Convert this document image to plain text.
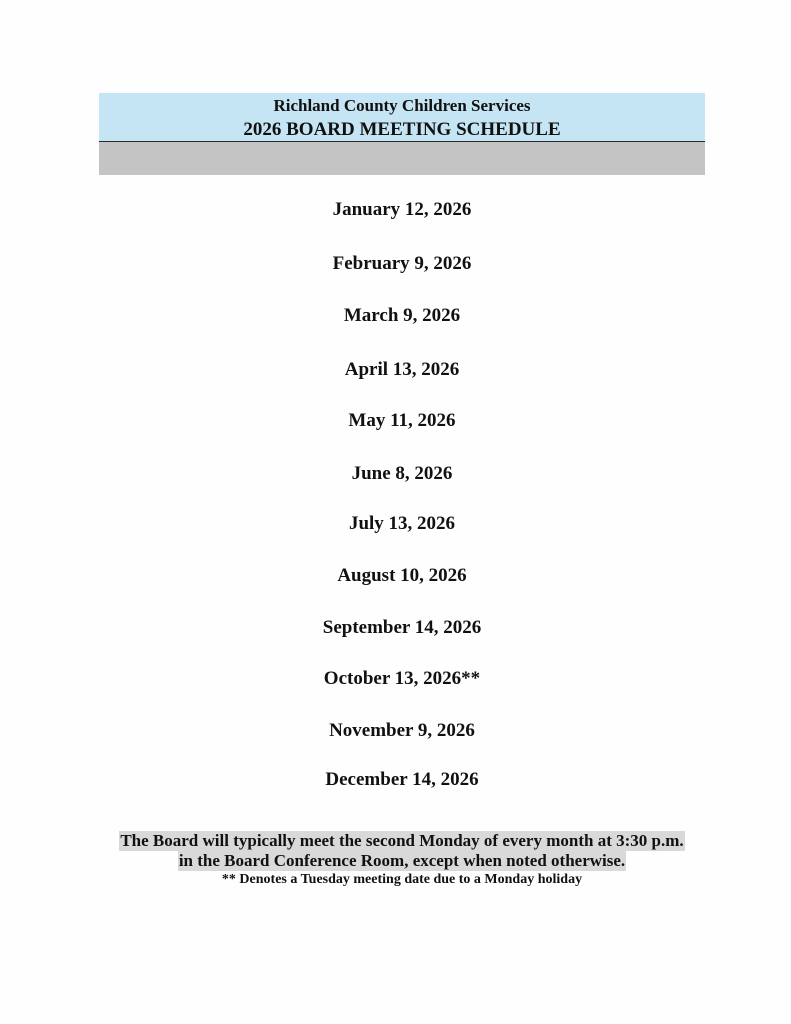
Richland County Children Services
2026 BOARD MEETING SCHEDULE
January 12, 2026
February 9, 2026
March 9, 2026
April 13, 2026
May 11, 2026
June 8, 2026
July 13, 2026
August 10, 2026
September 14, 2026
October 13, 2026**
November 9, 2026
December 14, 2026
The Board will typically meet the second Monday of every month at 3:30 p.m.
in the Board Conference Room, except when noted otherwise.
** Denotes a Tuesday meeting date due to a Monday holiday
